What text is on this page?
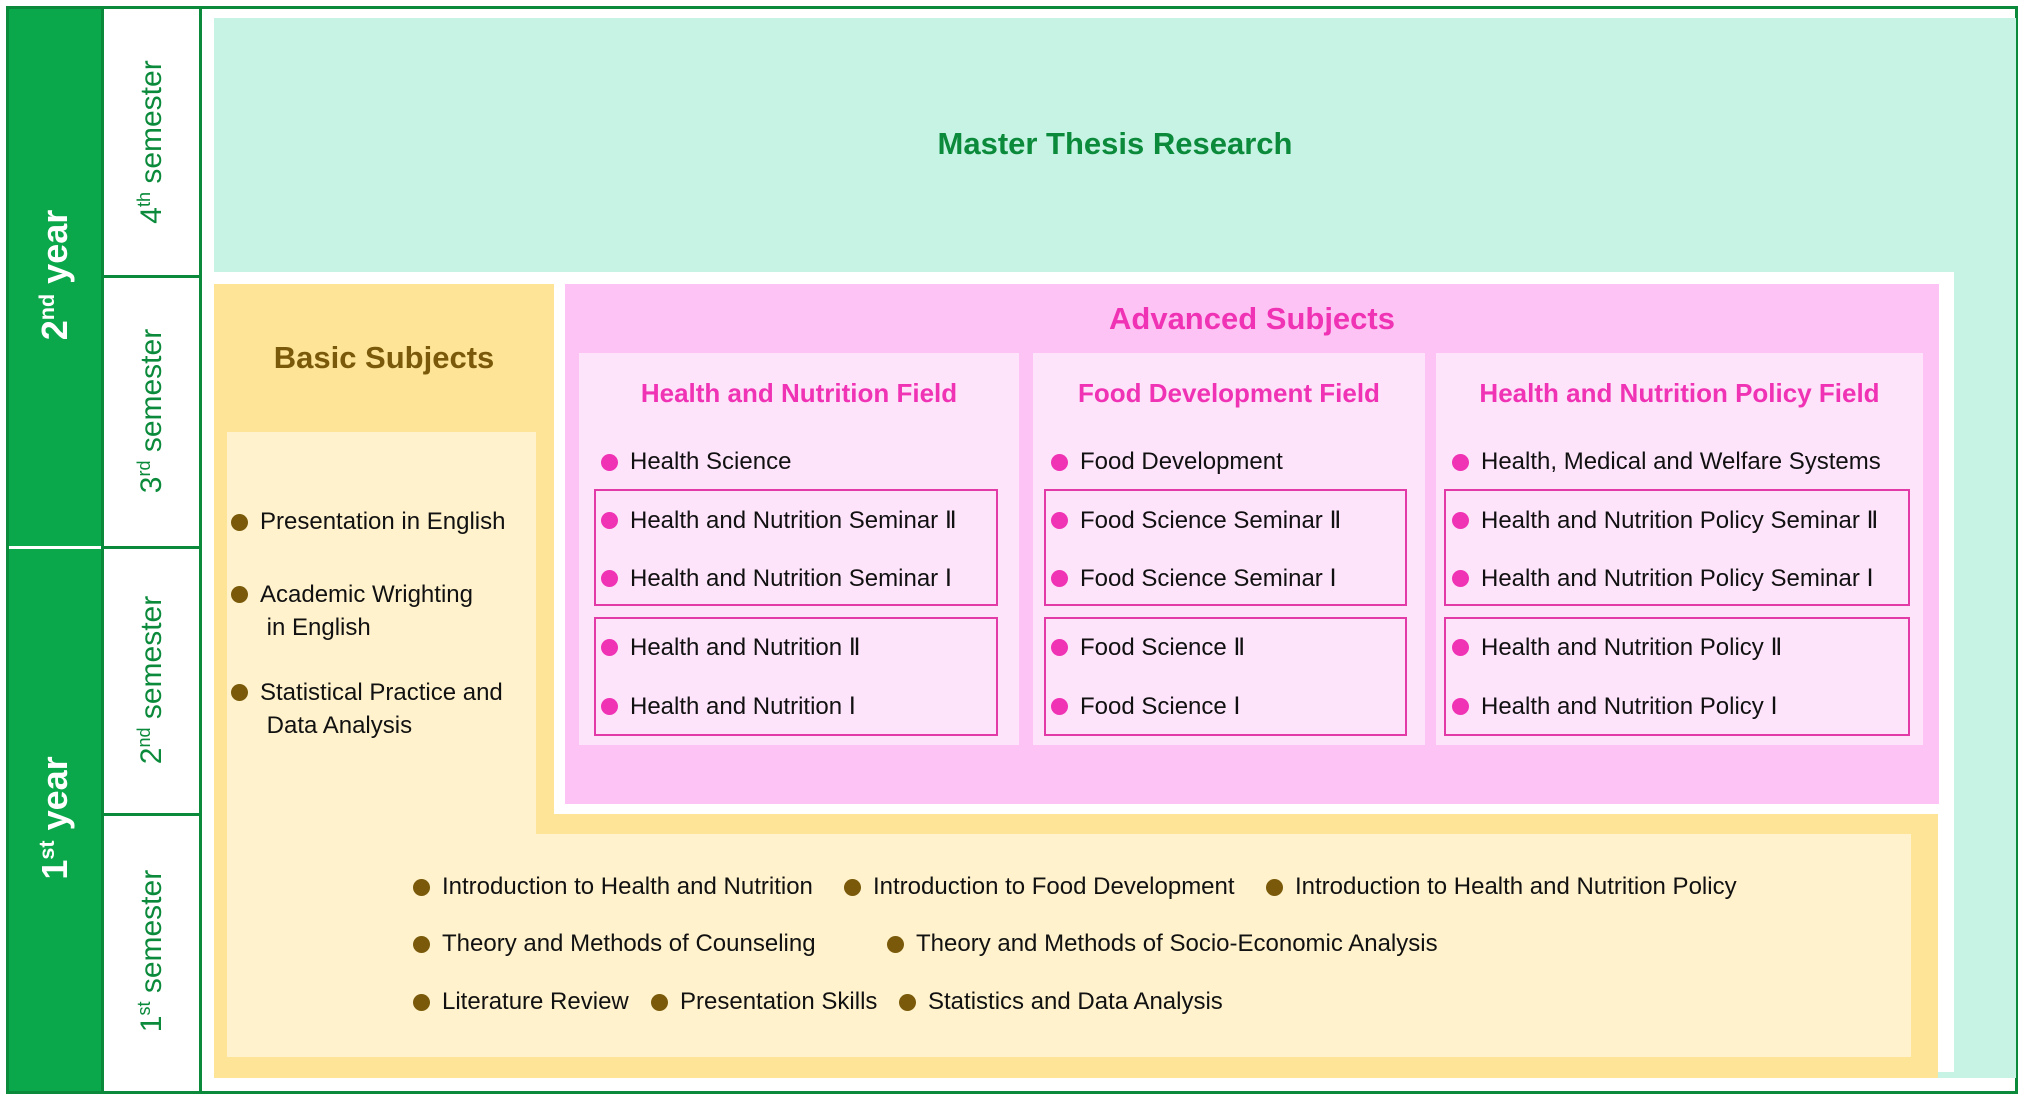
2nd year
1st year
4th semester
3rd semester
2nd semester
1st semester
Master Thesis Research
Basic Subjects
Presentation in English
Academic Wrighting
in English
Statistical Practice and
Data Analysis
Advanced Subjects
Health and Nutrition Field
Health Science
Health and Nutrition Seminar Ⅱ
Health and Nutrition Seminar Ⅰ
Health and Nutrition Ⅱ
Health and Nutrition Ⅰ
Food Development Field
Food Development
Food Science Seminar Ⅱ
Food Science Seminar Ⅰ
Food Science Ⅱ
Food Science Ⅰ
Health and Nutrition Policy Field
Health, Medical and Welfare Systems
Health and Nutrition Policy Seminar Ⅱ
Health and Nutrition Policy Seminar Ⅰ
Health and Nutrition Policy Ⅱ
Health and Nutrition Policy Ⅰ
Introduction to Health and Nutrition	Introduction to Food Development	Introduction to Health and Nutrition Policy
Theory and Methods of Counseling	Theory and Methods of Socio-Economic Analysis
Literature Review Presentation Skills Statistics and Data Analysis
